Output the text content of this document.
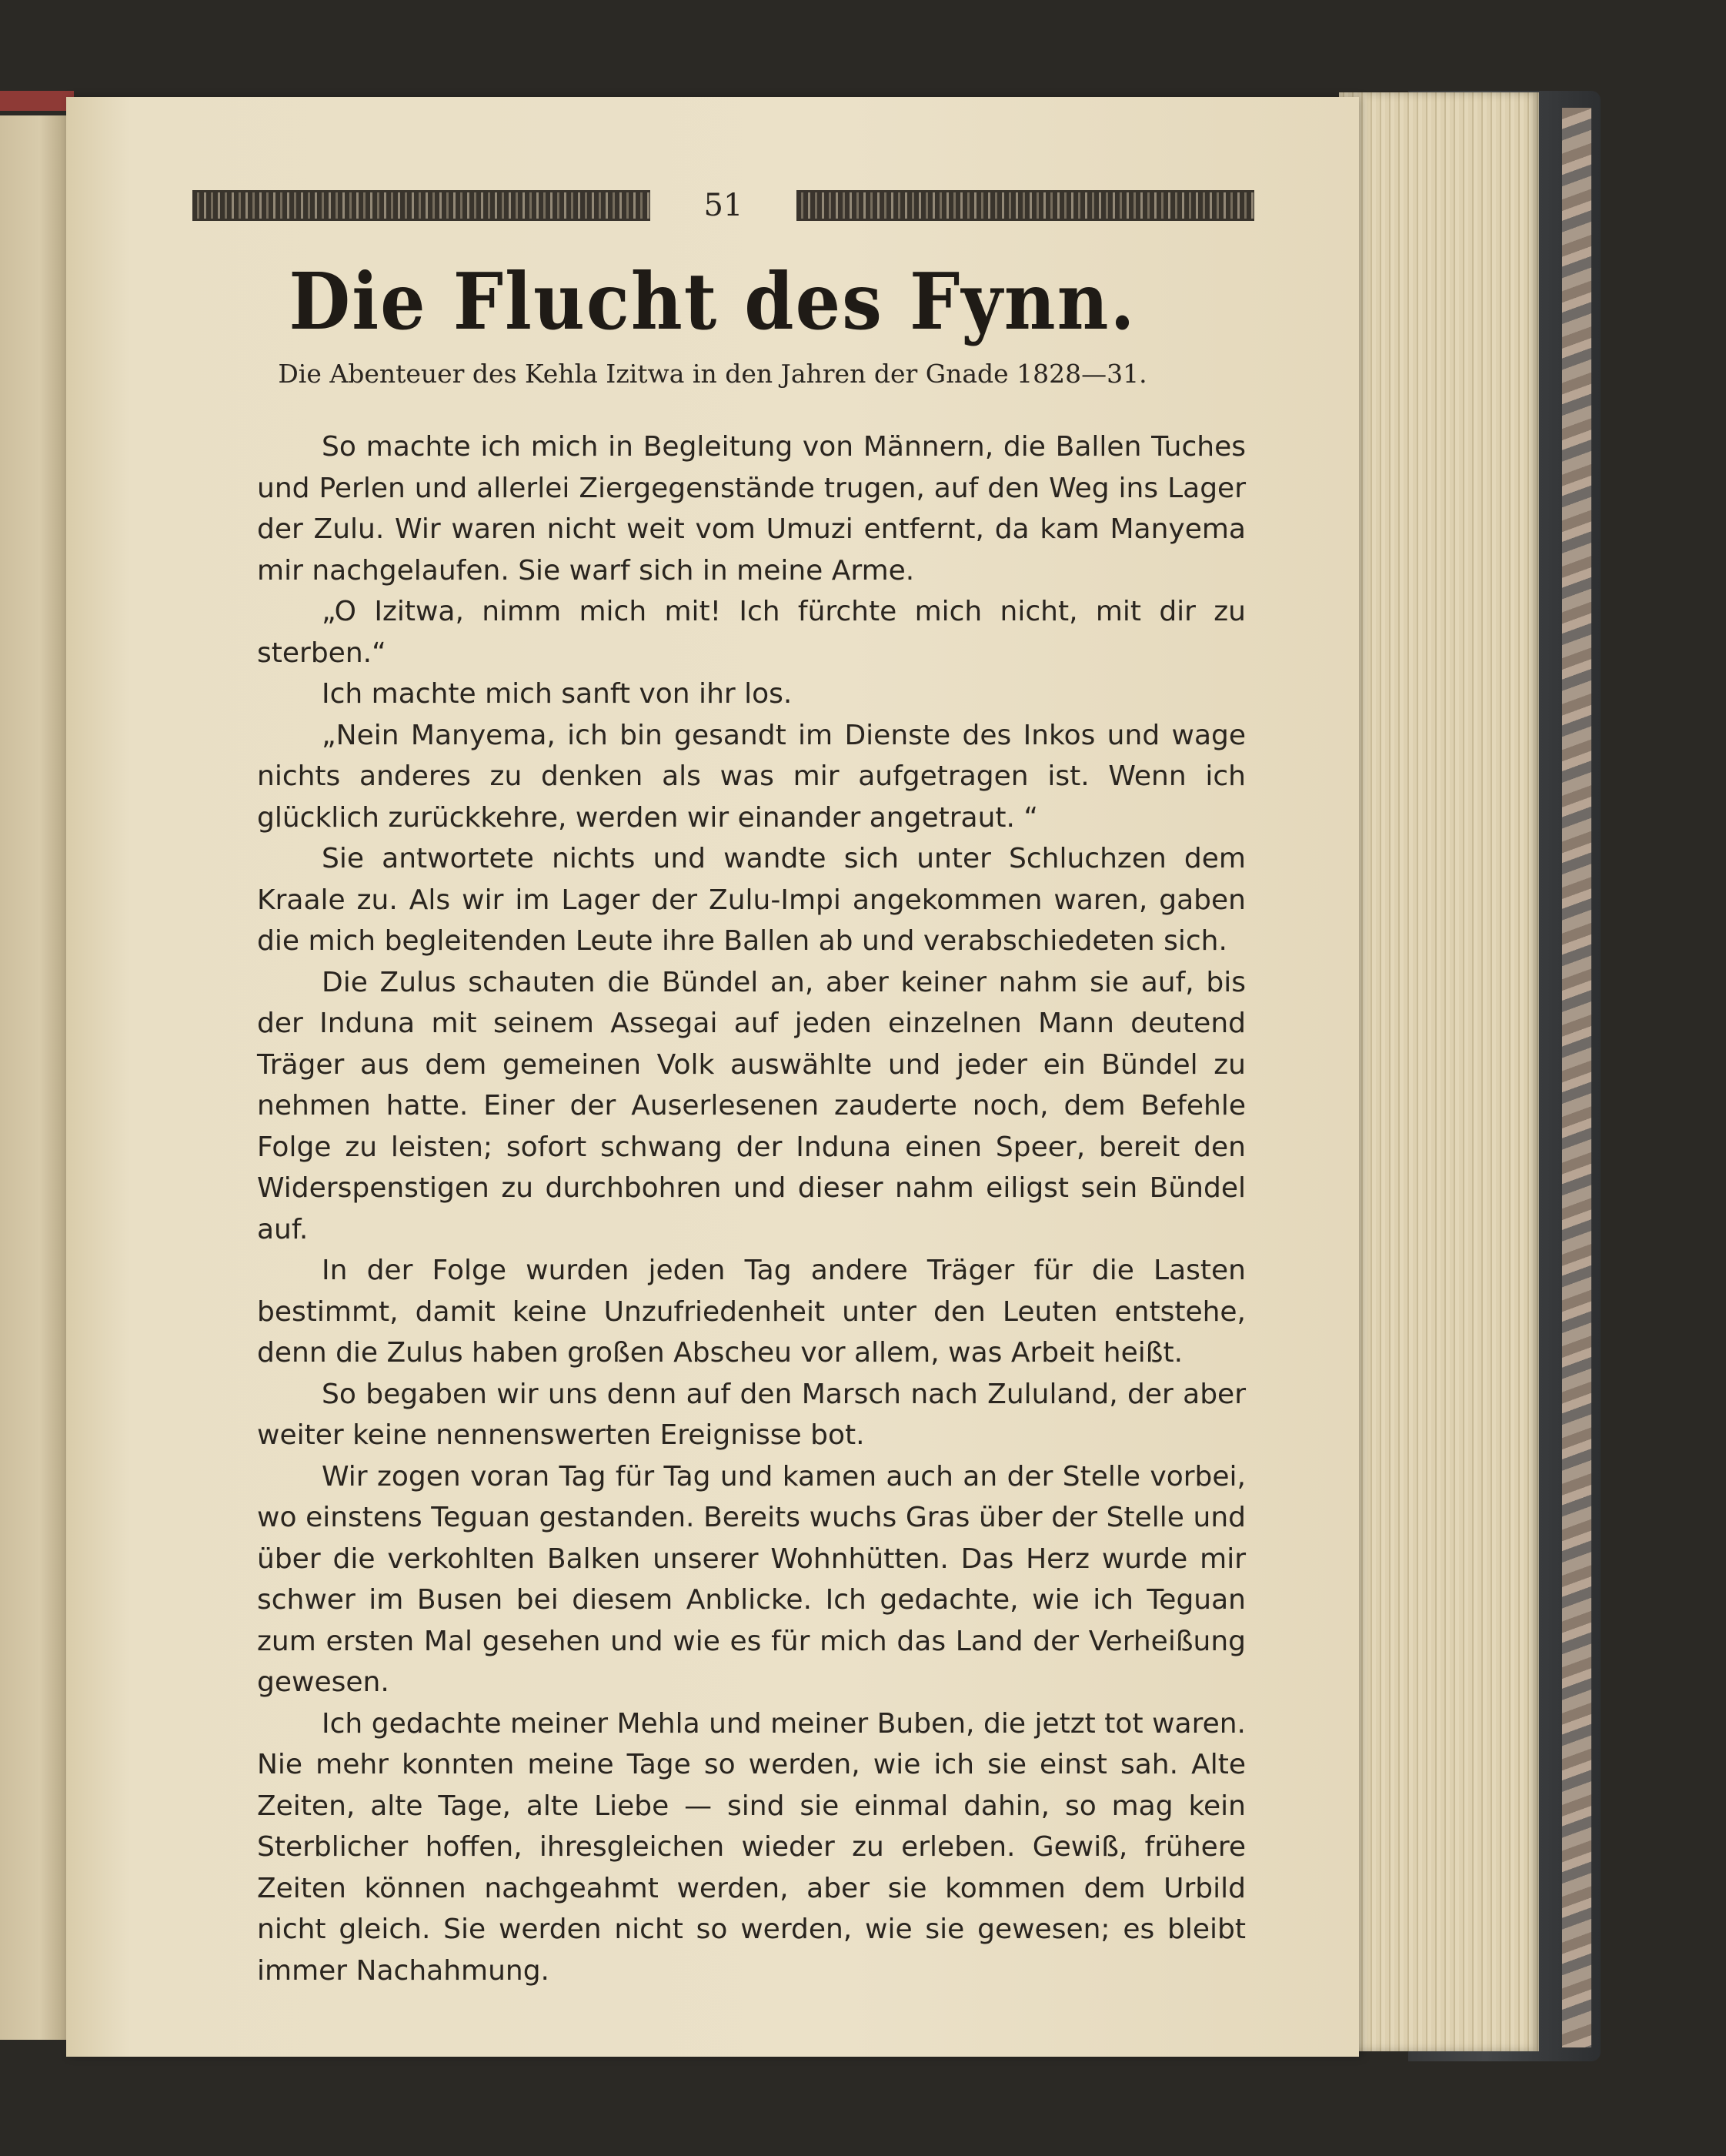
51
Die Flucht des Fynn.
Die Abenteuer des Kehla Izitwa in den Jahren der Gnade 1828—31.

So machte ich mich in Begleitung von Männern, die Ballen Tuches und Perlen und allerlei Ziergegenstände trugen, auf den Weg ins Lager der Zulu. Wir waren nicht weit vom Umuzi entfernt, da kam Manyema mir nachgelaufen. Sie warf sich in meine Arme.

„O Izitwa, nimm mich mit! Ich fürchte mich nicht, mit dir zu sterben.“

Ich machte mich sanft von ihr los.

„Nein Manyema, ich bin gesandt im Dienste des Inkos und wage nichts anderes zu denken als was mir aufgetragen ist. Wenn ich glücklich zurückkehre, werden wir einander angetraut. “

Sie antwortete nichts und wandte sich unter Schluchzen dem Kraale zu. Als wir im Lager der Zulu-Impi angekommen waren, gaben die mich begleitenden Leute ihre Ballen ab und verabschiedeten sich.

Die Zulus schauten die Bündel an, aber keiner nahm sie auf, bis der Induna mit seinem Assegai auf jeden einzelnen Mann deutend Träger aus dem gemeinen Volk auswählte und jeder ein Bündel zu nehmen hatte. Einer der Auserlesenen zauderte noch, dem Befehle Folge zu leisten; sofort schwang der Induna einen Speer, bereit den Widerspenstigen zu durchbohren und dieser nahm eiligst sein Bündel auf.

In der Folge wurden jeden Tag andere Träger für die Lasten bestimmt, damit keine Unzufriedenheit unter den Leuten entstehe, denn die Zulus haben großen Abscheu vor allem, was Arbeit heißt.

So begaben wir uns denn auf den Marsch nach Zululand, der aber weiter keine nennenswerten Ereignisse bot.

Wir zogen voran Tag für Tag und kamen auch an der Stelle vorbei, wo einstens Teguan gestanden. Bereits wuchs Gras über der Stelle und über die verkohlten Balken unserer Wohnhütten. Das Herz wurde mir schwer im Busen bei diesem Anblicke. Ich gedachte, wie ich Teguan zum ersten Mal gesehen und wie es für mich das Land der Verheißung gewesen.

Ich gedachte meiner Mehla und meiner Buben, die jetzt tot waren. Nie mehr konnten meine Tage so werden, wie ich sie einst sah. Alte Zeiten, alte Tage, alte Liebe — sind sie einmal dahin, so mag kein Sterblicher hoffen, ihresgleichen wieder zu erleben. Gewiß, frühere Zeiten können nachgeahmt werden, aber sie kommen dem Urbild nicht gleich. Sie werden nicht so werden, wie sie gewesen; es bleibt immer Nachahmung.
